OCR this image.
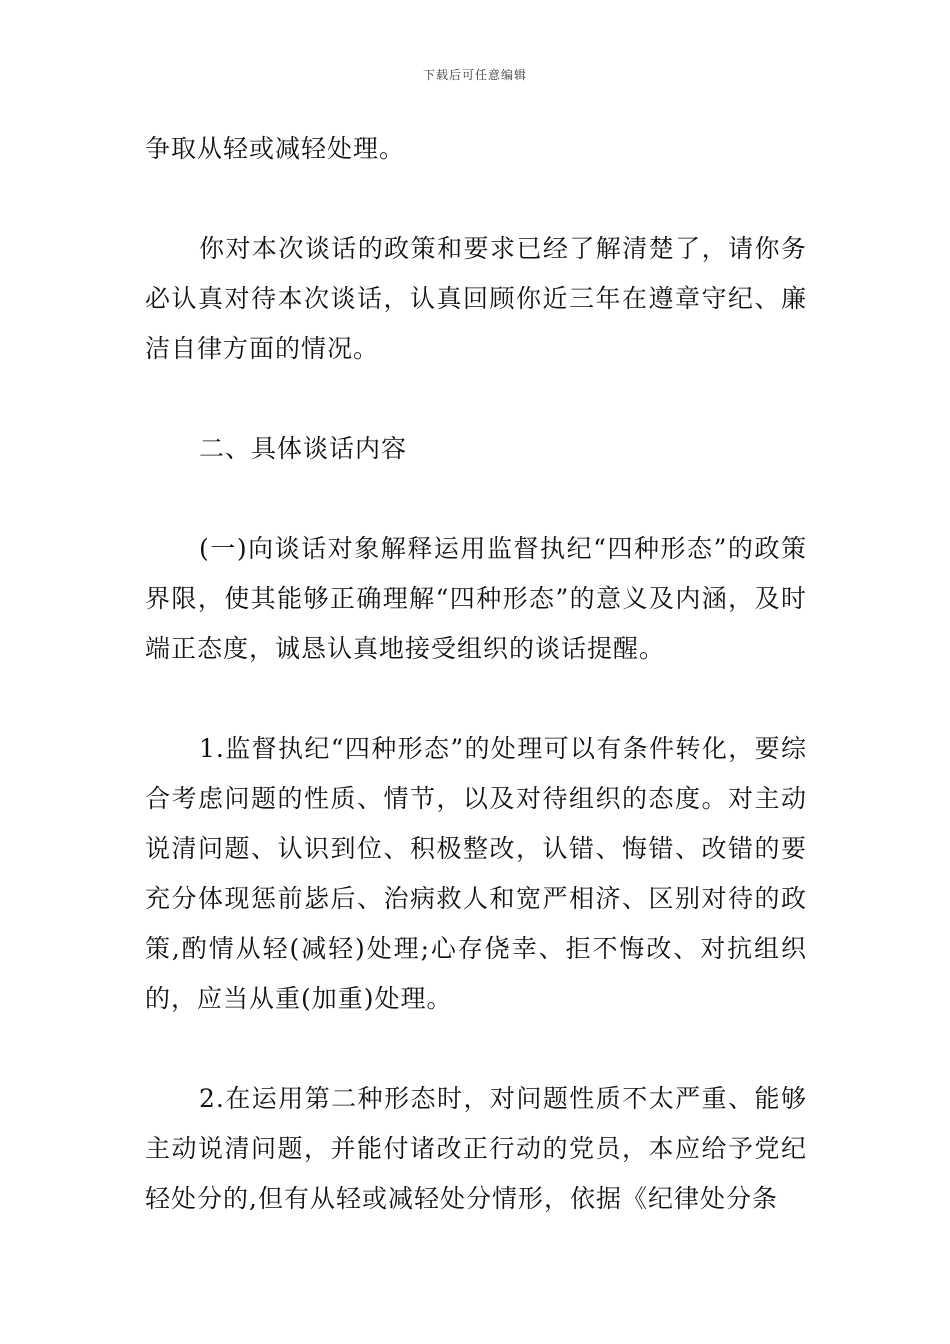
下载后可任意编辑

争取从轻或减轻处理。

你对本次谈话的政策和要求已经了解清楚了，请你务必认真对待本次谈话，认真回顾你近三年在遵章守纪、廉洁自律方面的情况。

二、具体谈话内容

(一)向谈话对象解释运用监督执纪“四种形态”的政策界限，使其能够正确理解“四种形态”的意义及内涵，及时端正态度，诚恳认真地接受组织的谈话提醒。

1.监督执纪“四种形态”的处理可以有条件转化，要综合考虑问题的性质、情节，以及对待组织的态度。对主动说清问题、认识到位、积极整改，认错、悔错、改错的要充分体现惩前毖后、治病救人和宽严相济、区别对待的政策,酌情从轻(减轻)处理;心存侥幸、拒不悔改、对抗组织的，应当从重(加重)处理。

2.在运用第二种形态时，对问题性质不太严重、能够主动说清问题，并能付诸改正行动的党员，本应给予党纪轻处分的,但有从轻或减轻处分情形，依据《纪律处分条
